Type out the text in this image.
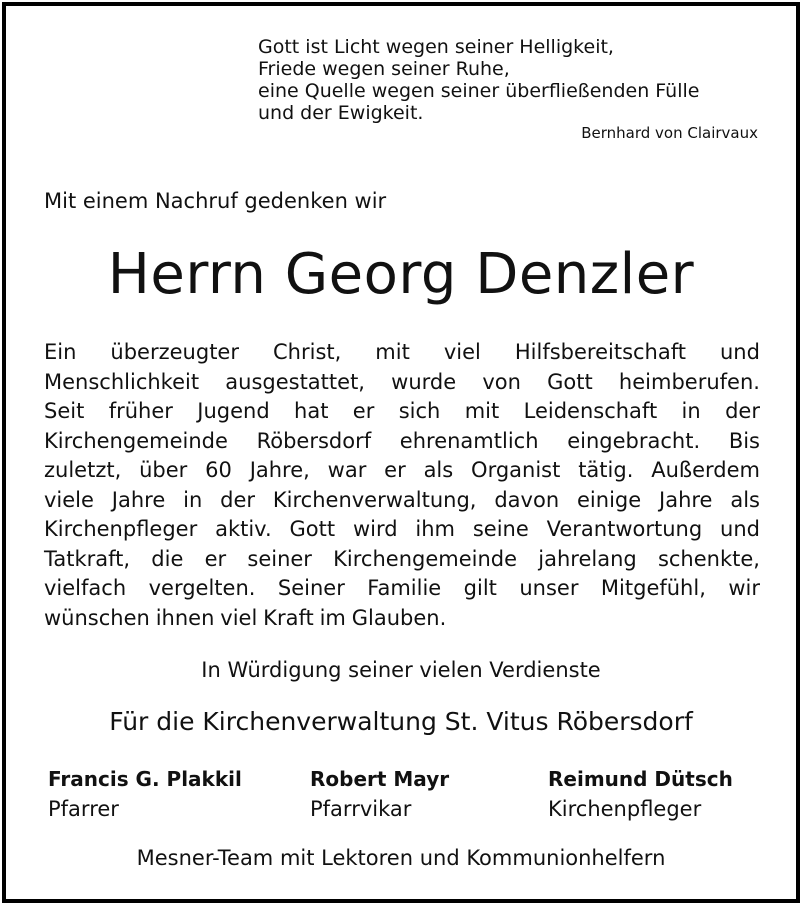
Gott ist Licht wegen seiner Helligkeit,
Friede wegen seiner Ruhe,
eine Quelle wegen seiner überfließenden Fülle
und der Ewigkeit.
Bernhard von Clairvaux
Mit einem Nachruf gedenken wir
Herrn Georg Denzler
Ein überzeugter Christ, mit viel Hilfsbereitschaft und
Menschlichkeit ausgestattet, wurde von Gott heimberufen.
Seit früher Jugend hat er sich mit Leidenschaft in der
Kirchengemeinde Röbersdorf ehrenamtlich eingebracht. Bis
zuletzt, über 60 Jahre, war er als Organist tätig. Außerdem
viele Jahre in der Kirchenverwaltung, davon einige Jahre als
Kirchenpfleger aktiv. Gott wird ihm seine Verantwortung und
Tatkraft, die er seiner Kirchengemeinde jahrelang schenkte,
vielfach vergelten. Seiner Familie gilt unser Mitgefühl, wir
wünschen ihnen viel Kraft im Glauben.
In Würdigung seiner vielen Verdienste
Für die Kirchenverwaltung St. Vitus Röbersdorf
Francis G. Plakkil
Pfarrer
Robert Mayr
Pfarrvikar
Reimund Dütsch
Kirchenpfleger
Mesner-Team mit Lektoren und Kommunionhelfern
